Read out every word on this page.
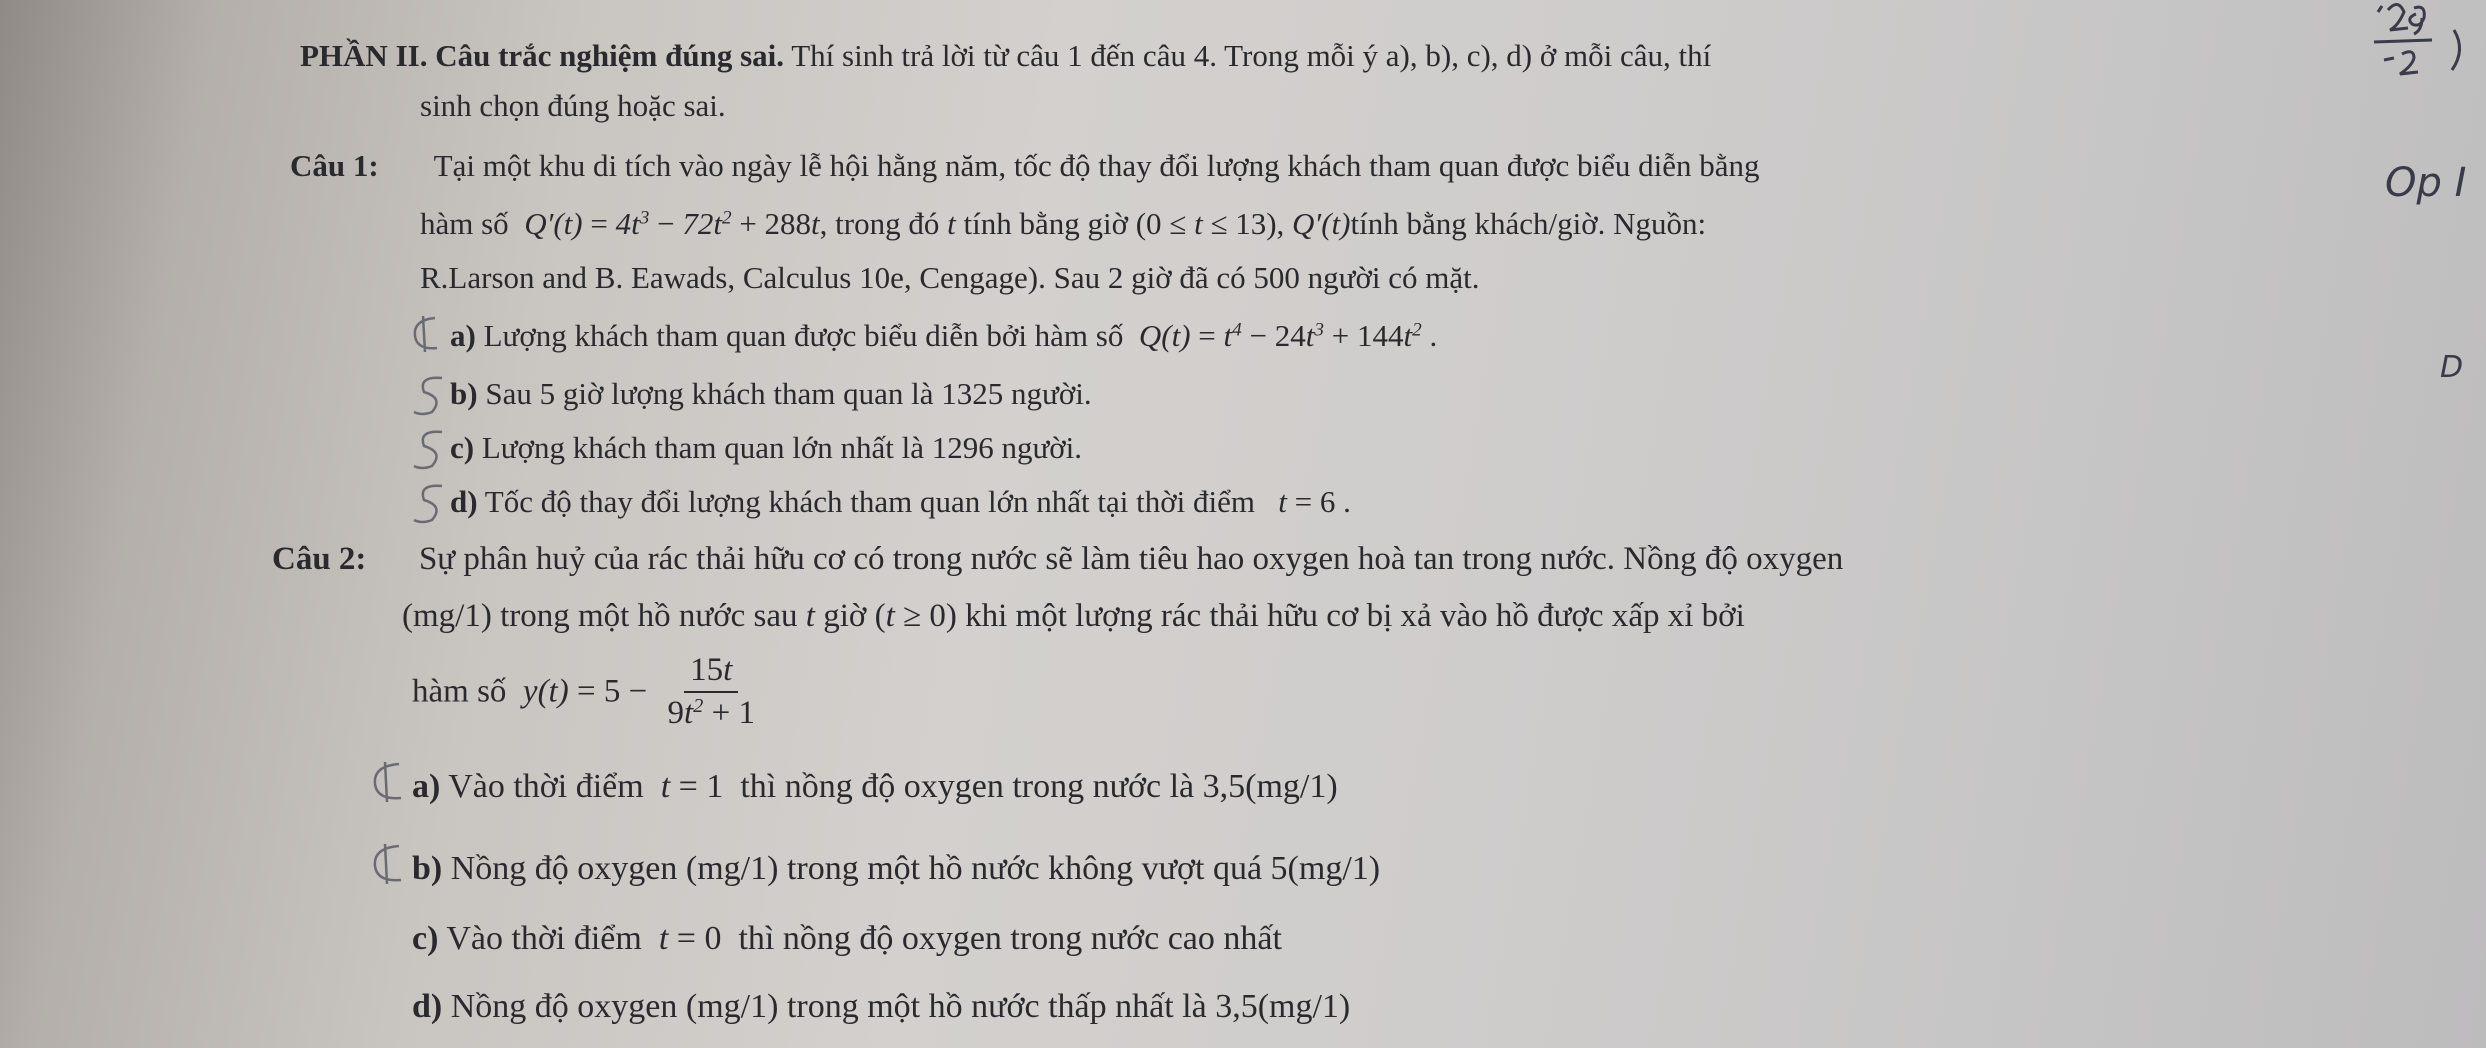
PHẦN II. Câu trắc nghiệm đúng sai. Thí sinh trả lời từ câu 1 đến câu 4. Trong mỗi ý a), b), c), d) ở mỗi câu, thí
sinh chọn đúng hoặc sai.
Câu 1: Tại một khu di tích vào ngày lễ hội hằng năm, tốc độ thay đổi lượng khách tham quan được biểu diễn bằng
hàm số  $Q'(t) = 4t^3 - 72t^2 + 288t$, trong đó t tính bằng giờ (0 ≤ t ≤ 13), Q′(t)tính bằng khách/giờ. Nguồn:
R.Larson and B. Eawads, Calculus 10e, Cengage). Sau 2 giờ đã có 500 người có mặt.
a) Lượng khách tham quan được biểu diễn bởi hàm số  $Q(t) = t^4 - 24t^3 + 144t^2$ .
b) Sau 5 giờ lượng khách tham quan là 1325 người.
c) Lượng khách tham quan lớn nhất là 1296 người.
d) Tốc độ thay đổi lượng khách tham quan lớn nhất tại thời điểm   t = 6 .
Câu 2: Sự phân huỷ của rác thải hữu cơ có trong nước sẽ làm tiêu hao oxygen hoà tan trong nước. Nồng độ oxygen
(mg/1) trong một hồ nước sau t giờ (t ≥ 0) khi một lượng rác thải hữu cơ bị xả vào hồ được xấp xỉ bởi
hàm số  $y(t) = 5 - \frac{15t}{9t^2 + 1}$
a) Vào thời điểm  t = 1 thì nồng độ oxygen trong nước là 3,5(mg/1)
b) Nồng độ oxygen (mg/1) trong một hồ nước không vượt quá 5(mg/1)
c) Vào thời điểm  t = 0 thì nồng độ oxygen trong nước cao nhất
d) Nồng độ oxygen (mg/1) trong một hồ nước thấp nhất là 3,5(mg/1)
Op I
D
